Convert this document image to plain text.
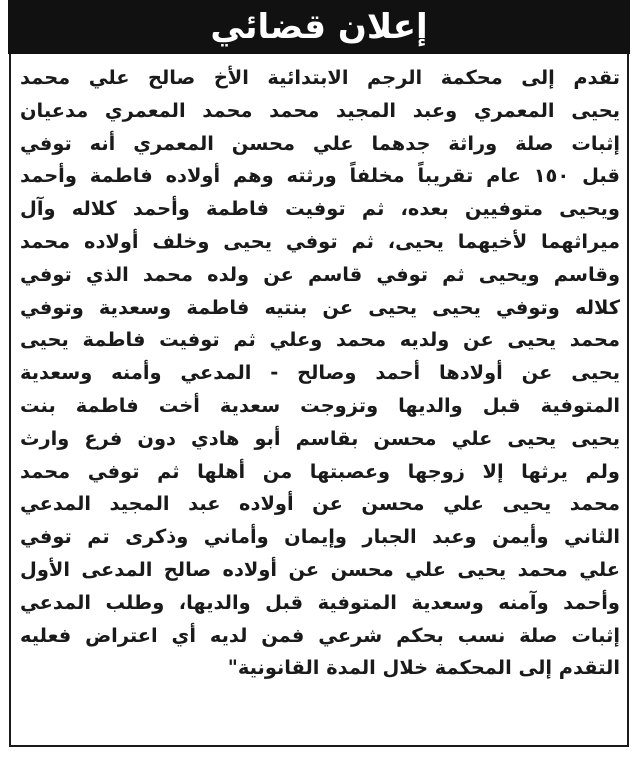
إعلان قضائي
تقدم إلى محكمة الرجم الابتدائية الأخ صالح علي محمد
يحيى المعمري وعبد المجيد محمد محمد المعمري مدعيان
إثبات صلة وراثة جدهما علي محسن المعمري أنه توفي
قبل ١٥٠ عام تقريباً مخلفاً ورثته وهم أولاده فاطمة وأحمد
ويحيى متوفيين بعده، ثم توفيت فاطمة وأحمد كلاله وآل
ميراثهما لأخيهما يحيى، ثم توفي يحيى وخلف أولاده محمد
وقاسم ويحيى ثم توفي قاسم عن ولده محمد الذي توفي
كلاله وتوفي يحيى يحيى عن بنتيه فاطمة وسعدية وتوفي
محمد يحيى عن ولديه محمد وعلي ثم توفيت فاطمة يحيى
يحيى عن أولادها أحمد وصالح - المدعي وأمنه وسعدية
المتوفية قبل والديها وتزوجت سعدية أخت فاطمة بنت
يحيى يحيى علي محسن بقاسم أبو هادي دون فرع وارث
ولم يرثها إلا زوجها وعصبتها من أهلها ثم توفي محمد
محمد يحيى علي محسن عن أولاده عبد المجيد المدعي
الثاني وأيمن وعبد الجبار وإيمان وأماني وذكرى تم توفي
علي محمد يحيى علي محسن عن أولاده صالح المدعى الأول
وأحمد وآمنه وسعدية المتوفية قبل والديها، وطلب المدعي
إثبات صلة نسب بحكم شرعي فمن لديه أي اعتراض فعليه
التقدم إلى المحكمة خلال المدة القانونية"
